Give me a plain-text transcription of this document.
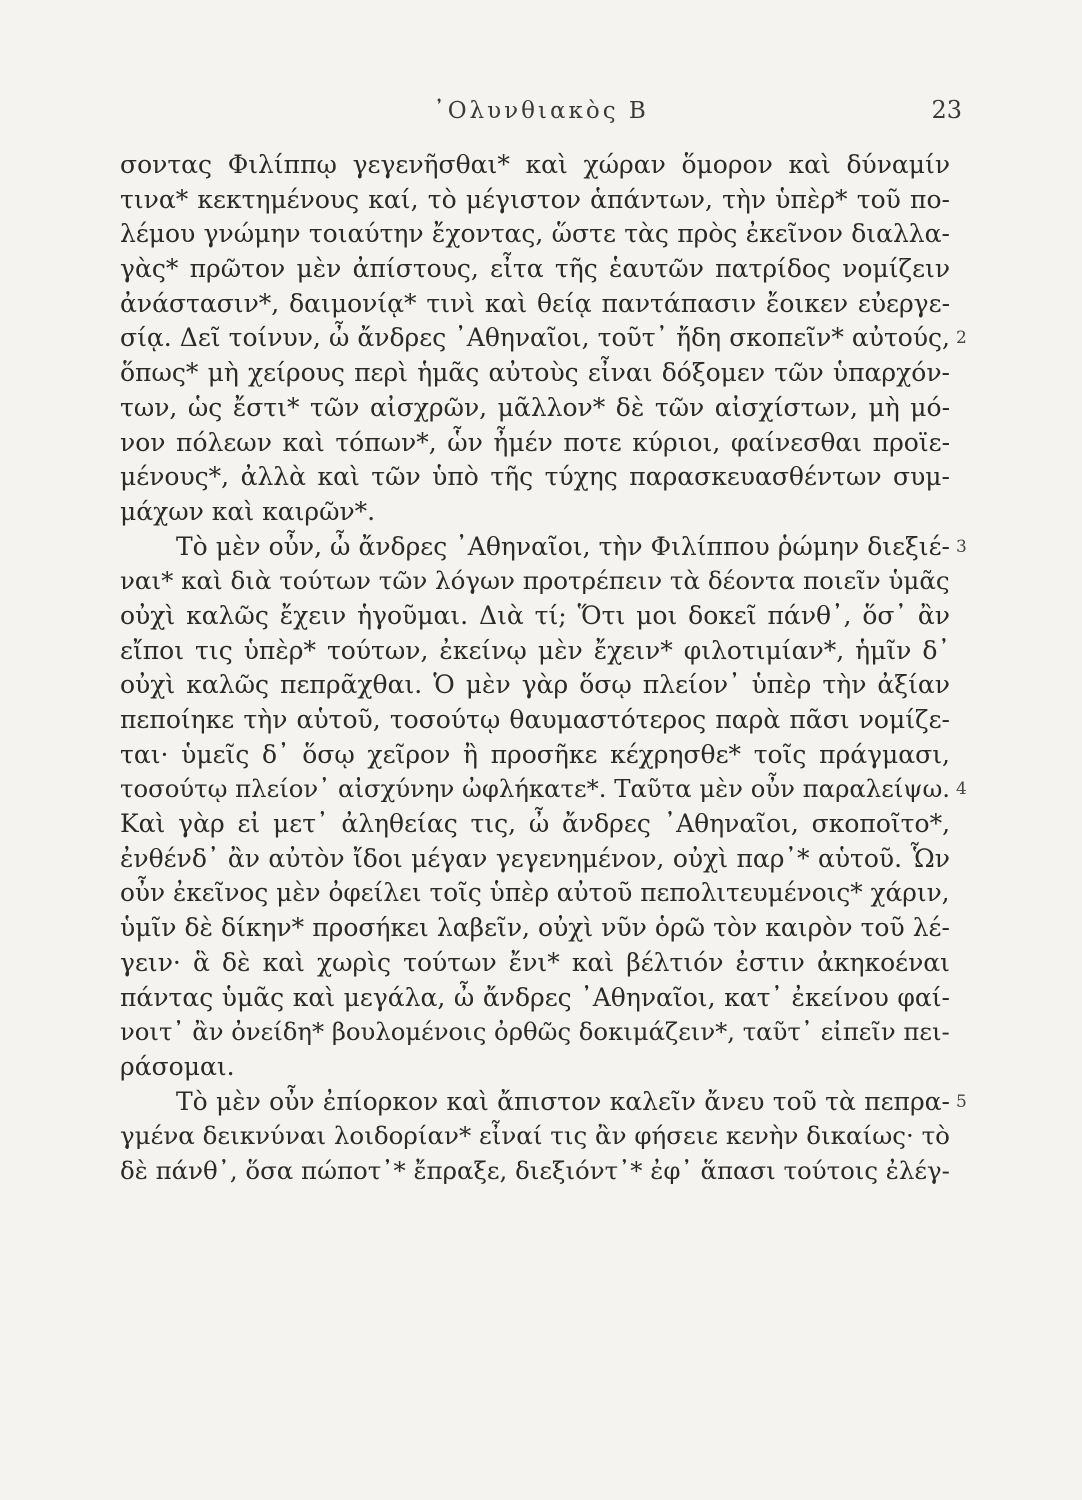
᾿Ολυνθιακὸς Β	23
σοντας Φιλίππῳ γεγενῆσθαι* καὶ χώραν ὅμορον καὶ δύναμίν
τινα* κεκτημένους καί, τὸ μέγιστον ἁπάντων, τὴν ὑπὲρ* τοῦ πο-
λέμου γνώμην τοιαύτην ἔχοντας, ὥστε τὰς πρὸς ἐκεῖνον διαλλα-
γὰς* πρῶτον μὲν ἀπίστους, εἶτα τῆς ἑαυτῶν πατρίδος νομίζειν
ἀνάστασιν*, δαιμονίᾳ* τινὶ καὶ θείᾳ παντάπασιν ἔοικεν εὐεργε-
σίᾳ. Δεῖ τοίνυν, ὦ ἄνδρες ᾿Αθηναῖοι, τοῦτ᾿ ἤδη σκοπεῖν* αὐτούς, 2
ὅπως* μὴ χείρους περὶ ἡμᾶς αὐτοὺς εἶναι δόξομεν τῶν ὑπαρχόν-
των, ὡς ἔστι* τῶν αἰσχρῶν, μᾶλλον* δὲ τῶν αἰσχίστων, μὴ μό-
νον πόλεων καὶ τόπων*, ὧν ἦμέν ποτε κύριοι, φαίνεσθαι προϊε-
μένους*, ἀλλὰ καὶ τῶν ὑπὸ τῆς τύχης παρασκευασθέντων συμ-
μάχων καὶ καιρῶν*.
Τὸ μὲν οὖν, ὦ ἄνδρες ᾿Αθηναῖοι, τὴν Φιλίππου ῥώμην διεξιέ- 3
ναι* καὶ διὰ τούτων τῶν λόγων προτρέπειν τὰ δέοντα ποιεῖν ὑμᾶς
οὐχὶ καλῶς ἔχειν ἡγοῦμαι. Διὰ τί; Ὅτι μοι δοκεῖ πάνθ᾿, ὅσ᾿ ἂν
εἴποι τις ὑπὲρ* τούτων, ἐκείνῳ μὲν ἔχειν* φιλοτιμίαν*, ἡμῖν δ᾿
οὐχὶ καλῶς πεπρᾶχθαι. Ὁ μὲν γὰρ ὅσῳ πλείον᾿ ὑπὲρ τὴν ἀξίαν
πεποίηκε τὴν αὑτοῦ, τοσούτῳ θαυμαστότερος παρὰ πᾶσι νομίζε-
ται· ὑμεῖς δ᾿ ὅσῳ χεῖρον ἢ προσῆκε κέχρησθε* τοῖς πράγμασι,
τοσούτῳ πλείον᾿ αἰσχύνην ὠφλήκατε*. Ταῦτα μὲν οὖν παραλείψω. 4
Καὶ γὰρ εἰ μετ᾿ ἀληθείας τις, ὦ ἄνδρες ᾿Αθηναῖοι, σκοποῖτο*,
ἐνθένδ᾿ ἂν αὐτὸν ἴδοι μέγαν γεγενημένον, οὐχὶ παρ᾿* αὑτοῦ. Ὧν
οὖν ἐκεῖνος μὲν ὀφείλει τοῖς ὑπὲρ αὐτοῦ πεπολιτευμένοις* χάριν,
ὑμῖν δὲ δίκην* προσήκει λαβεῖν, οὐχὶ νῦν ὁρῶ τὸν καιρὸν τοῦ λέ-
γειν· ἃ δὲ καὶ χωρὶς τούτων ἔνι* καὶ βέλτιόν ἐστιν ἀκηκοέναι
πάντας ὑμᾶς καὶ μεγάλα, ὦ ἄνδρες ᾿Αθηναῖοι, κατ᾿ ἐκείνου φαί-
νοιτ᾿ ἂν ὀνείδη* βουλομένοις ὀρθῶς δοκιμάζειν*, ταῦτ᾿ εἰπεῖν πει-
ράσομαι.
Τὸ μὲν οὖν ἐπίορκον καὶ ἄπιστον καλεῖν ἄνευ τοῦ τὰ πεπρα- 5
γμένα δεικνύναι λοιδορίαν* εἶναί τις ἂν φήσειε κενὴν δικαίως· τὸ
δὲ πάνθ᾿, ὅσα πώποτ᾿* ἔπραξε, διεξιόντ᾿* ἐφ᾿ ἅπασι τούτοις ἐλέγ-
